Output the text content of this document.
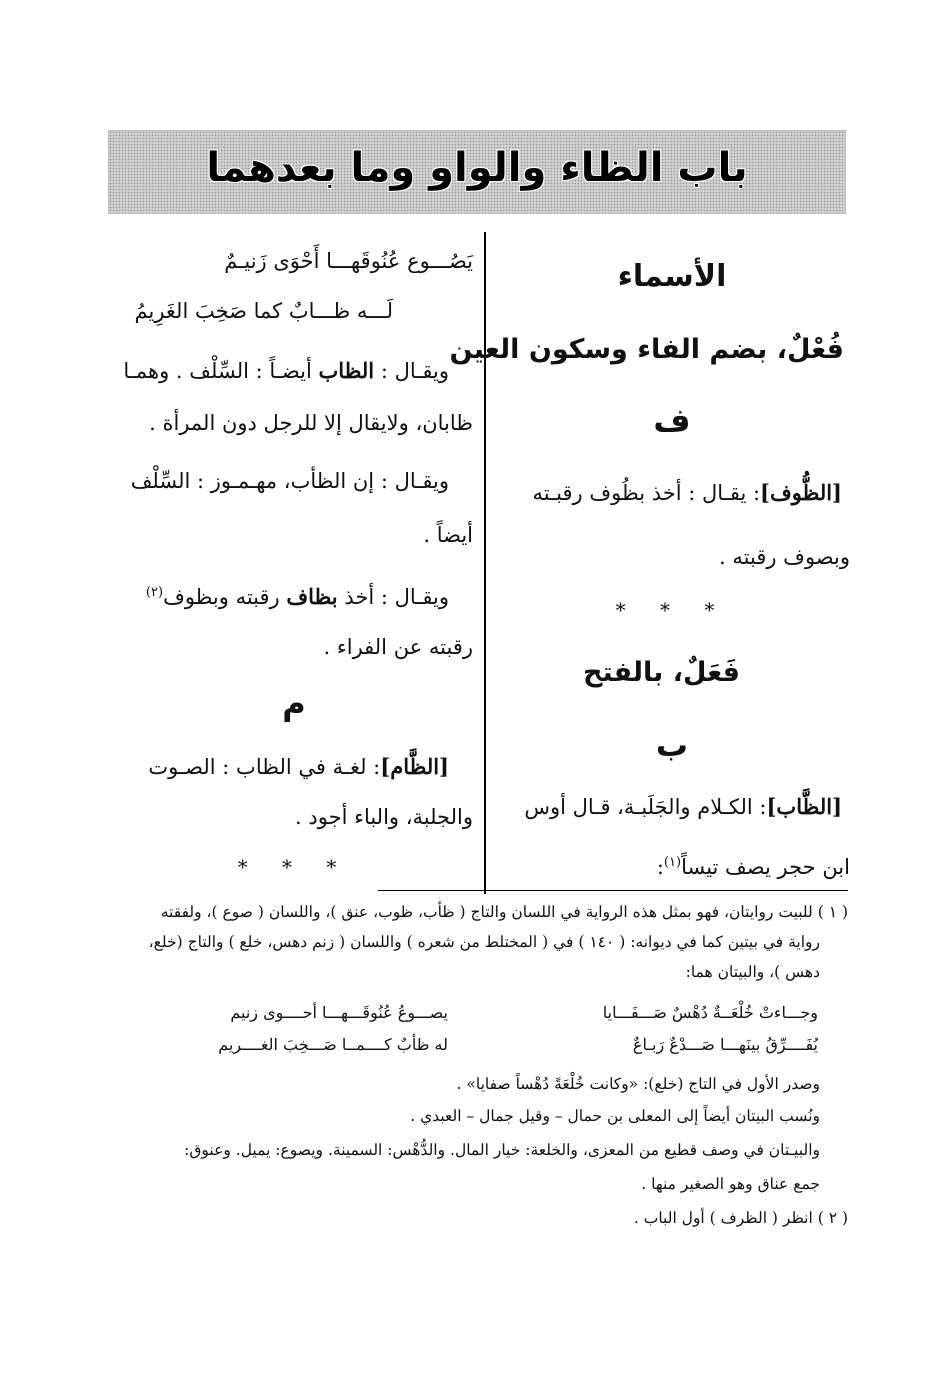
باب الظاء والواو وما بعدهما
الأسماء
فُعْلٌ، بضم الفاء وسكون العين
ف
[الظُّوف]: يقـال : أخذ بظُوف رقبـته
وبصوف رقبته .
* * *
فَعَلٌ، بالفتح
ب
[الظَّاب]: الكـلام والجَلَبـة، قـال أوس
ابن حجر يصف تيساً$^{(١)}$:
يَصُـــوع عُنُوقَهـــا أَحْوَى زَنيـمٌ
لَـــه ظـــابٌ كما صَخِبَ الغَرِيمُ
ويقـال : الظاب أيضـاً : السِّلْف . وهمـا
ظابان، ولايقال إلا للرجل دون المرأة .
ويقـال : إن الظأب، مهـمـوز : السِّلْف
أيضاً .
ويقـال : أخذ بظاف رقبته وبظوف$^{(٢)}$
رقبته عن الفراء .
م
[الظَّام]: لغـة في الظاب : الصـوت
والجلبة، والباء أجود .
* * *
( ١ ) للبيت روايتان، فهو بمثل هذه الرواية في اللسان والتاج ( ظأب، ظوب، عنق )، واللسان ( صوع )، ولفقته
رواية في بيتين كما في ديوانه: ( ١٤٠ ) في ( المختلط من شعره ) واللسان ( زنم دهس، خلع ) والتاج (خلع،
دهس )، والبيتان هما:
وجـــاءتْ خُلْعَــةٌ دُهْسٌ صَـــفَـــايا
يصـــوعُ عُنُوقَـــهـــا أحــــوى زنيم
يُفَــــرِّقُ بينَهـــا صَـــدْعٌ رَبـاعٌ
له ظأبٌ كــــمــا صَـــخِبَ الغــــريم
وصدر الأول في التاج (خلع): «وكانت خُلْعَةً دُهْساً صفايا» .
ونُسب البيتان أيضاً إلى المعلى بن حمال – وقيل جمال – العبدي .
والبيـتان في وصف قطيع من المعزى، والخلعة: خيار المال. والدُّهْس: السمينة. ويصوع: يميل. وعنوق:
جمع عناق وهو الصغير منها .
( ٢ ) انظر ( الظرف ) أول الباب .
